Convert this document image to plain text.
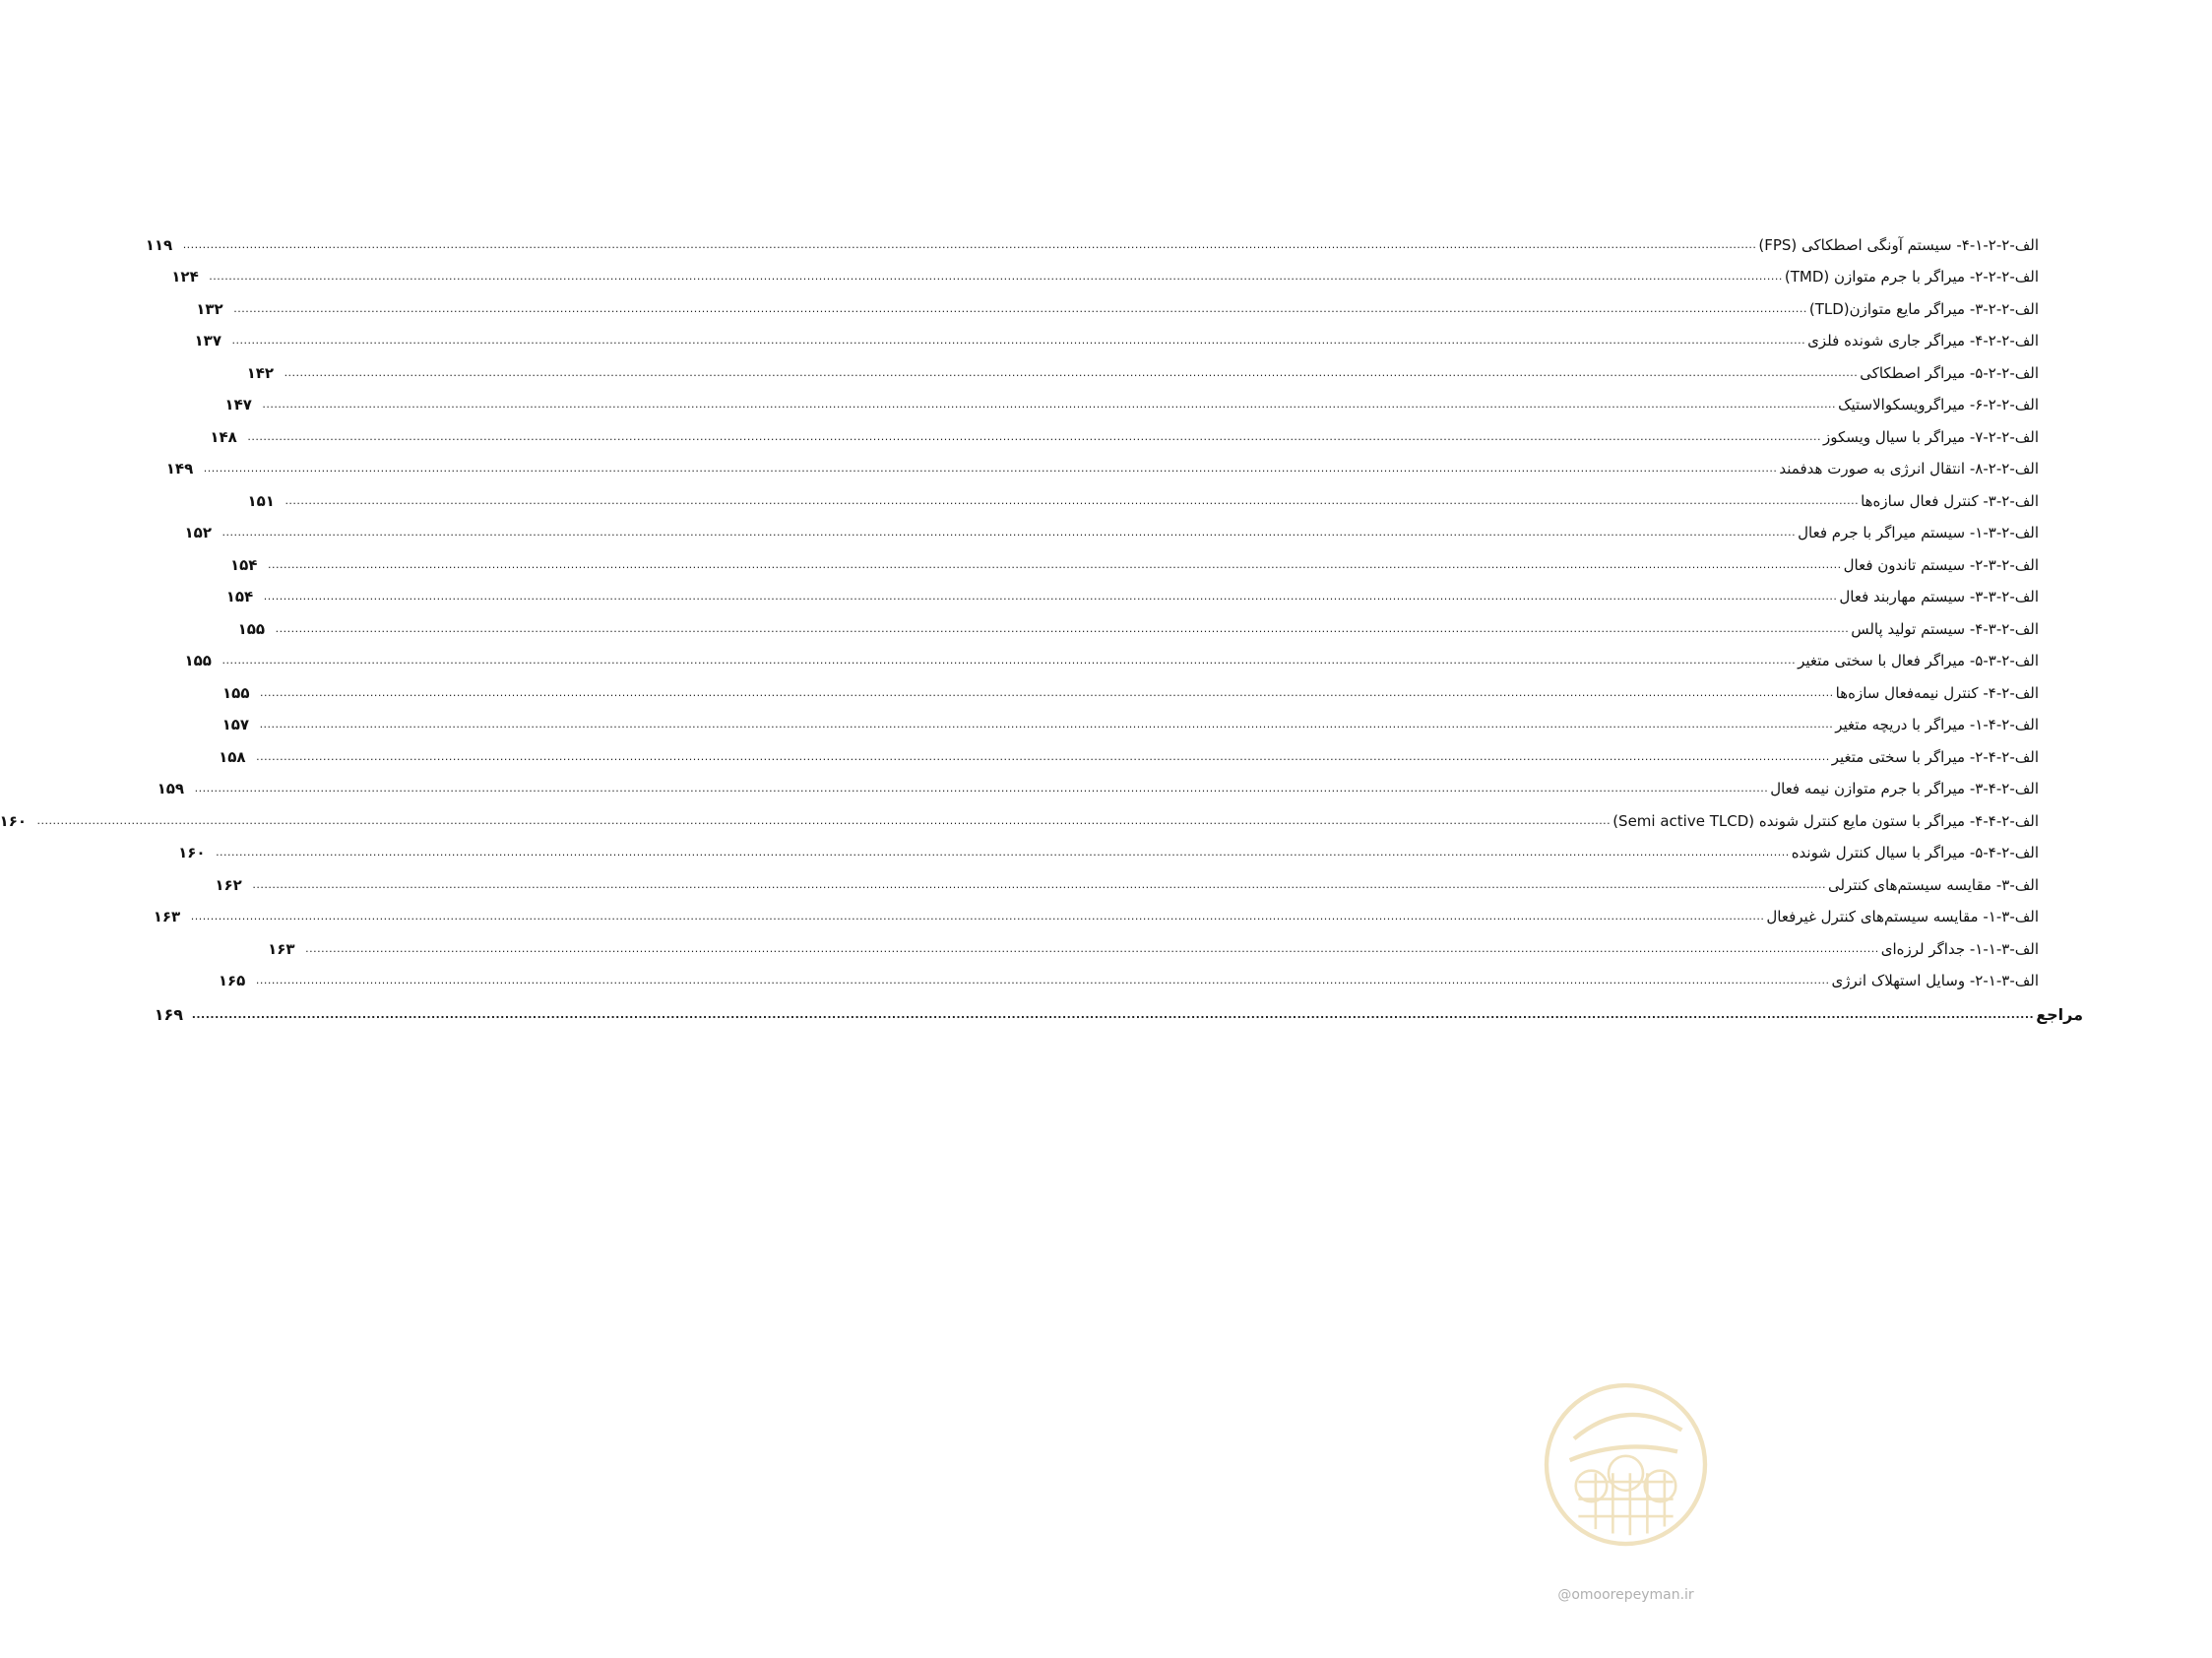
الف-۲-۲-۱-۴- سیستم آونگی اصطکاکی (FPS)
................................................................................................................................................................................................................................................................................................................................................................................................................
۱۱۹
الف-۲-۲-۲- میراگر با جرم متوازن (TMD)
................................................................................................................................................................................................................................................................................................................................................................................................................
۱۲۴
الف-۲-۲-۳- میراگر مایع متوازن(TLD)
................................................................................................................................................................................................................................................................................................................................................................................................................
۱۳۲
الف-۲-۲-۴- میراگر جاری شونده فلزی
................................................................................................................................................................................................................................................................................................................................................................................................................
۱۳۷
الف-۲-۲-۵- میراگر اصطکاکی
................................................................................................................................................................................................................................................................................................................................................................................................................
۱۴۲
الف-۲-۲-۶- میراگرویسکوالاستیک
................................................................................................................................................................................................................................................................................................................................................................................................................
۱۴۷
الف-۲-۲-۷- میراگر با سیال ویسکوز
................................................................................................................................................................................................................................................................................................................................................................................................................
۱۴۸
الف-۲-۲-۸- انتقال انرژی به صورت هدفمند
................................................................................................................................................................................................................................................................................................................................................................................................................
۱۴۹
الف-۲-۳- کنترل فعال سازه‌ها
................................................................................................................................................................................................................................................................................................................................................................................................................
۱۵۱
الف-۲-۳-۱- سیستم میراگر با جرم فعال
................................................................................................................................................................................................................................................................................................................................................................................................................
۱۵۲
الف-۲-۳-۲- سیستم تاندون فعال
................................................................................................................................................................................................................................................................................................................................................................................................................
۱۵۴
الف-۲-۳-۳- سیستم مهاربند فعال
................................................................................................................................................................................................................................................................................................................................................................................................................
۱۵۴
الف-۲-۳-۴- سیستم تولید پالس
................................................................................................................................................................................................................................................................................................................................................................................................................
۱۵۵
الف-۲-۳-۵- میراگر فعال با سختی متغیر
................................................................................................................................................................................................................................................................................................................................................................................................................
۱۵۵
الف-۲-۴- کنترل نیمه‌فعال سازه‌ها
................................................................................................................................................................................................................................................................................................................................................................................................................
۱۵۵
الف-۲-۴-۱- میراگر با دریچه متغیر
................................................................................................................................................................................................................................................................................................................................................................................................................
۱۵۷
الف-۲-۴-۲- میراگر با سختی متغیر
................................................................................................................................................................................................................................................................................................................................................................................................................
۱۵۸
الف-۲-۴-۳- میراگر با جرم متوازن نیمه فعال
................................................................................................................................................................................................................................................................................................................................................................................................................
۱۵۹
الف-۲-۴-۴- میراگر با ستون مایع کنترل شونده (Semi active TLCD)
................................................................................................................................................................................................................................................................................................................................................................................................................
۱۶۰
الف-۲-۴-۵- میراگر با سیال کنترل شونده
................................................................................................................................................................................................................................................................................................................................................................................................................
۱۶۰
الف-۳- مقایسه سیستم‌های کنترلی
................................................................................................................................................................................................................................................................................................................................................................................................................
۱۶۲
الف-۳-۱- مقایسه سیستم‌های کنترل غیرفعال
................................................................................................................................................................................................................................................................................................................................................................................................................
۱۶۳
الف-۳-۱-۱- جداگر لرزه‌ای
................................................................................................................................................................................................................................................................................................................................................................................................................
۱۶۳
الف-۳-۱-۲- وسایل استهلاک انرژی
................................................................................................................................................................................................................................................................................................................................................................................................................
۱۶۵
مراجع
................................................................................................................................................................................................................................................................................................................................................................................................................
۱۶۹
@omoorepeyman.ir
